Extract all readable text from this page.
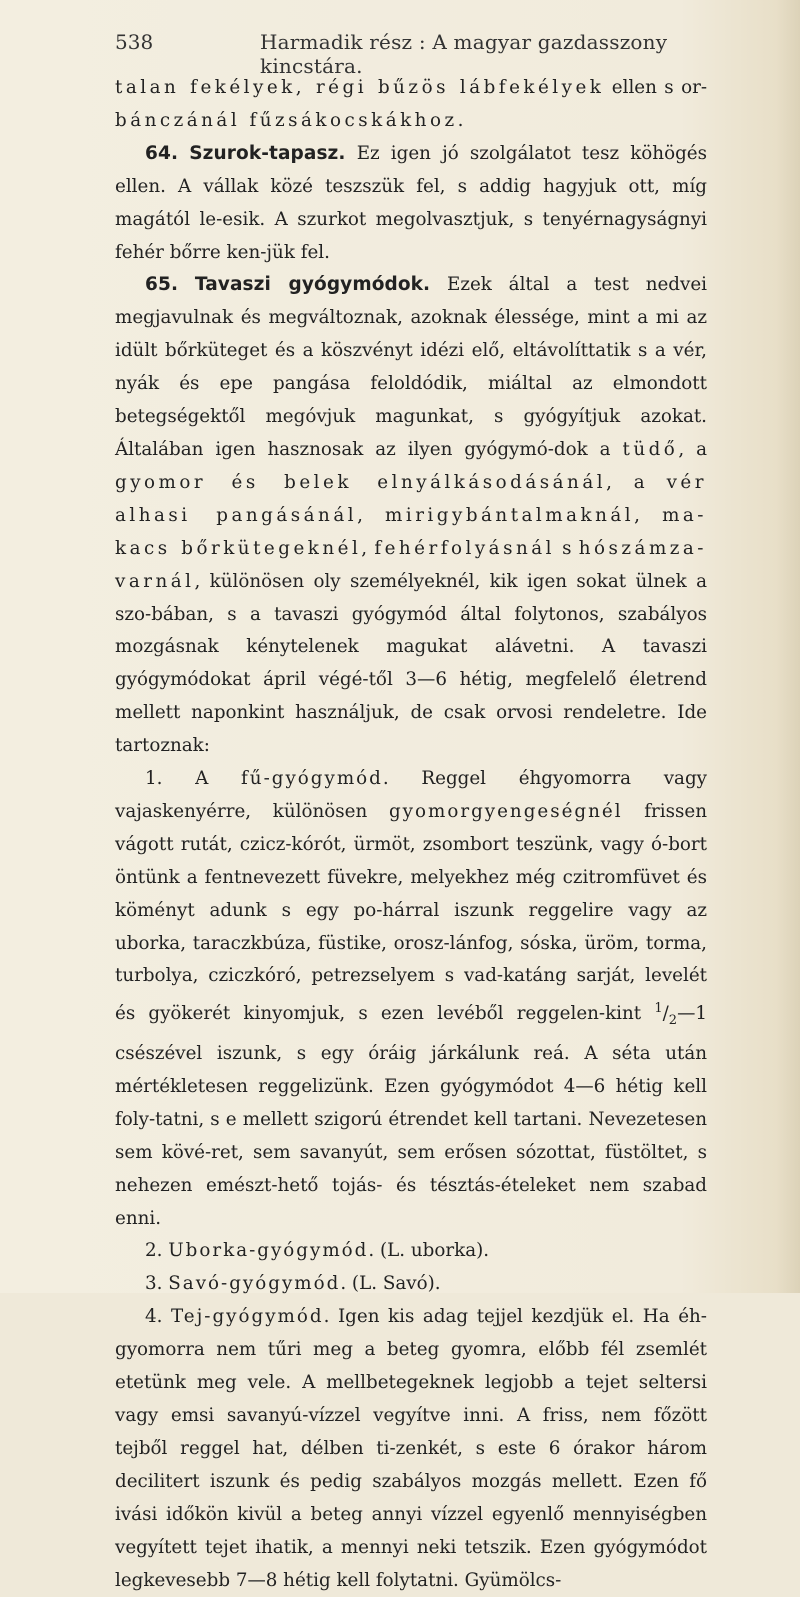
538	Harmadik rész : A magyar gazdasszony kincstára.

talan fekélyek, régi bűzös lábfekélyek ellen s or- bánczánál fűzsákocskákhoz.

64. Szurok-tapasz. Ez igen jó szolgálatot tesz köhögés ellen. A vállak közé teszszük fel, s addig hagyjuk ott, míg magától le-esik. A szurkot megolvasztjuk, s tenyérnagyságnyi fehér bőrre ken-jük fel.

65. Tavaszi gyógymódok. Ezek által a test nedvei megjavulnak és megváltoznak, azoknak élessége, mint a mi az idült bőrküteget és a köszvényt idézi elő, eltávolíttatik s a vér, nyák és epe pangása feloldódik, miáltal az elmondott betegségektől megóvjuk magunkat, s gyógyítjuk azokat. Általában igen hasznosak az ilyen gyógymó-dok a tüdő, a gyomor és belek elnyálkásodásánál, a vér alhasi pangásánál, mirigybántalmaknál, ma-kacs bőrkütegeknél, fehérfolyásnál s hószámza-varnál, különösen oly személyeknél, kik igen sokat ülnek a szo-bában, s a tavaszi gyógymód által folytonos, szabályos mozgásnak kénytelenek magukat alávetni. A tavaszi gyógymódokat ápril végé-től 3—6 hétig, megfelelő életrend mellett naponkint használjuk, de csak orvosi rendeletre. Ide tartoznak:

1. A fű-gyógymód. Reggel éhgyomorra vagy vajaskenyérre, különösen gyomorgyengeségnél frissen vágott rutát, czicz-kórót, ürmöt, zsombort teszünk, vagy ó-bort öntünk a fentnevezett füvekre, melyekhez még czitromfüvet és köményt adunk s egy po-hárral iszunk reggelire vagy az uborka, taraczkbúza, füstike, orosz-lánfog, sóska, üröm, torma, turbolya, cziczkóró, petrezselyem s vad-katáng sarját, levelét és gyökerét kinyomjuk, s ezen levéből reggelen-kint $^1/_2—1$ csészével iszunk, s egy óráig járkálunk reá. A séta után mértékletesen reggelizünk. Ezen gyógymódot 4—6 hétig kell foly-tatni, s e mellett szigorú étrendet kell tartani. Nevezetesen sem kövé-ret, sem savanyút, sem erősen sózottat, füstöltet, s nehezen emészt-hető tojás- és tésztás-ételeket nem szabad enni.

2. Uborka-gyógymód. (L. uborka).

3. Savó-gyógymód. (L. Savó).

4. Tej-gyógymód. Igen kis adag tejjel kezdjük el. Ha éh-gyomorra nem tűri meg a beteg gyomra, előbb fél zsemlét etetünk meg vele. A mellbetegeknek legjobb a tejet seltersi vagy emsi savanyú-vízzel vegyítve inni. A friss, nem főzött tejből reggel hat, délben ti-zenkét, s este 6 órakor három decilitert iszunk és pedig szabályos mozgás mellett. Ezen fő ivási időkön kivül a beteg annyi vízzel egyenlő mennyiségben vegyített tejet ihatik, a mennyi neki tetszik. Ezen gyógymódot legkevesebb 7—8 hétig kell folytatni. Gyümölcs-
